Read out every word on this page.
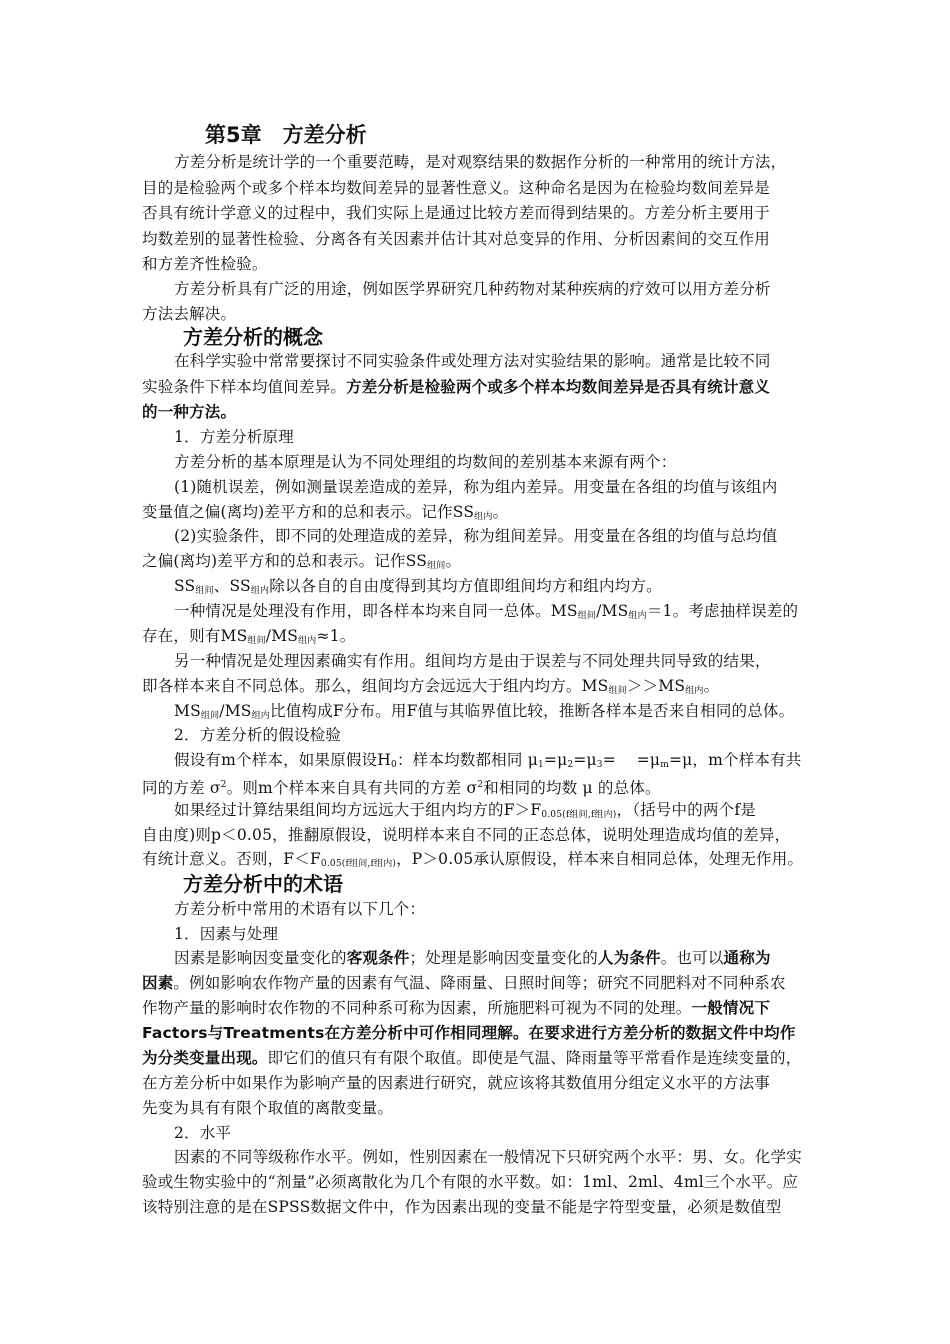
第5章　方差分析
方差分析是统计学的一个重要范畴，是对观察结果的数据作分析的一种常用的统计方法，
目的是检验两个或多个样本均数间差异的显著性意义。这种命名是因为在检验均数间差异是
否具有统计学意义的过程中，我们实际上是通过比较方差而得到结果的。方差分析主要用于
均数差别的显著性检验、分离各有关因素并估计其对总变异的作用、分析因素间的交互作用
和方差齐性检验。
方差分析具有广泛的用途，例如医学界研究几种药物对某种疾病的疗效可以用方差分析
方法去解决。
方差分析的概念
在科学实验中常常要探讨不同实验条件或处理方法对实验结果的影响。通常是比较不同
实验条件下样本均值间差异。方差分析是检验两个或多个样本均数间差异是否具有统计意义
的一种方法。
1．方差分析原理
方差分析的基本原理是认为不同处理组的均数间的差别基本来源有两个：
(1)随机误差，例如测量误差造成的差异，称为组内差异。用变量在各组的均值与该组内
变量值之偏(离均)差平方和的总和表示。记作$SS_{组内}$。
(2)实验条件，即不同的处理造成的差异，称为组间差异。用变量在各组的均值与总均值
之偏(离均)差平方和的总和表示。记作$SS_{组间}$。
$SS_{组间}$、$SS_{组内}$除以各自的自由度得到其均方值即组间均方和组内均方。
一种情况是处理没有作用，即各样本均来自同一总体。$MS_{组间}/MS_{组内}=1$。考虑抽样误差的
存在，则有$MS_{组间}/MS_{组内}\approx 1$。
另一种情况是处理因素确实有作用。组间均方是由于误差与不同处理共同导致的结果，
即各样本来自不同总体。那么，组间均方会远远大于组内均方。$MS_{组间}>>MS_{组内}$。
$MS_{组间}/MS_{组内}$比值构成F分布。用F值与其临界值比较，推断各样本是否来自相同的总体。
2．方差分析的假设检验
假设有m个样本，如果原假设$H_0$：样本均数都相同 $\mu_1=\mu_2=\mu_3=$　 $=\mu_m=\mu$，m个样本有共
同的方差 $\sigma^2$。则m个样本来自具有共同的方差 $\sigma^2$和相同的均数 μ 的总体。
如果经过计算结果组间均方远远大于组内均方的$F>F_{0.05(f组间,f组内)}$，（括号中的两个f是
自由度)则p＜0.05，推翻原假设，说明样本来自不同的正态总体，说明处理造成均值的差异，
有统计意义。否则，$F<F_{0.05(f组间,f组内)}$，P＞0.05承认原假设，样本来自相同总体，处理无作用。
方差分析中的术语
方差分析中常用的术语有以下几个：
1．因素与处理
因素是影响因变量变化的客观条件；处理是影响因变量变化的人为条件。也可以通称为
因素。例如影响农作物产量的因素有气温、降雨量、日照时间等；研究不同肥料对不同种系农
作物产量的影响时农作物的不同种系可称为因素，所施肥料可视为不同的处理。一般情况下
Factors与Treatments在方差分析中可作相同理解。在要求进行方差分析的数据文件中均作
为分类变量出现。即它们的值只有有限个取值。即使是气温、降雨量等平常看作是连续变量的，
在方差分析中如果作为影响产量的因素进行研究，就应该将其数值用分组定义水平的方法事
先变为具有有限个取值的离散变量。
2．水平
因素的不同等级称作水平。例如，性别因素在一般情况下只研究两个水平：男、女。化学实
验或生物实验中的“剂量”必须离散化为几个有限的水平数。如：1ml、2ml、4ml三个水平。应
该特别注意的是在SPSS数据文件中，作为因素出现的变量不能是字符型变量，必须是数值型
